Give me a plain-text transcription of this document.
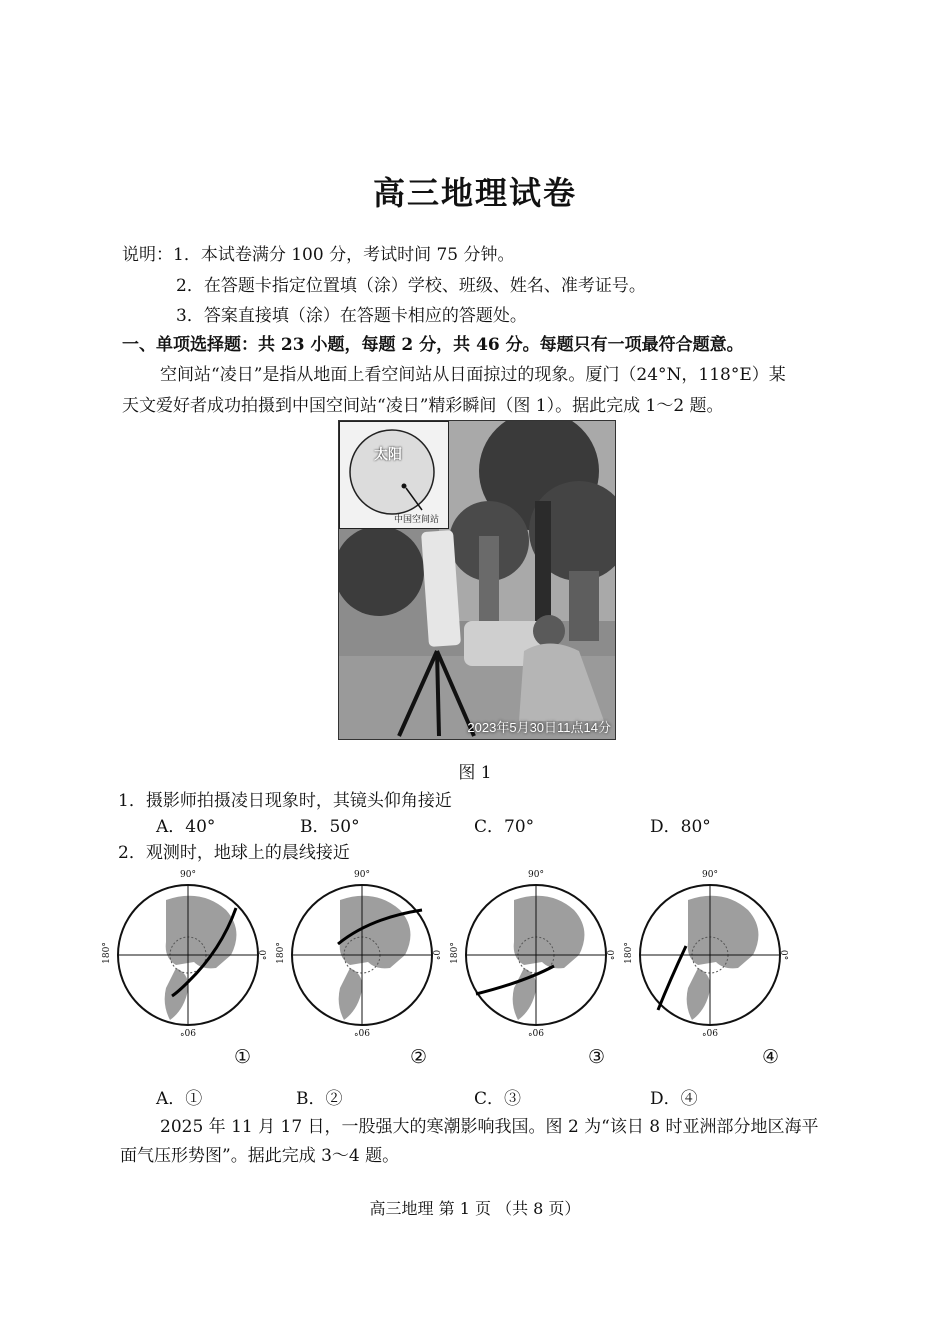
高三地理试卷
说明：1．本试卷满分 100 分，考试时间 75 分钟。
2．在答题卡指定位置填（涂）学校、班级、姓名、准考证号。
3．答案直接填（涂）在答题卡相应的答题处。
一、单项选择题：共 23 小题，每题 2 分，共 46 分。每题只有一项最符合题意。
空间站“凌日”是指从地面上看空间站从日面掠过的现象。厦门（24°N，118°E）某
天文爱好者成功拍摄到中国空间站“凌日”精彩瞬间（图 1）。据此完成 1～2 题。
太阳
中国空间站
2023年5月30日11点14分
图 1
1．摄影师拍摄凌日现象时，其镜头仰角接近
A．40°	B．50°	C．70°	D．80°
2．观测时，地球上的晨线接近
90°
180°	0°
90°
90°
180°	0°
90°
90°
180°	0°
90°
90°
180°	0°
90°
①	②	③	④
A．①	B．②	C．③	D．④
2025 年 11 月 17 日，一股强大的寒潮影响我国。图 2 为“该日 8 时亚洲部分地区海平
面气压形势图”。据此完成 3～4 题。
高三地理 第 1 页 （共 8 页）
